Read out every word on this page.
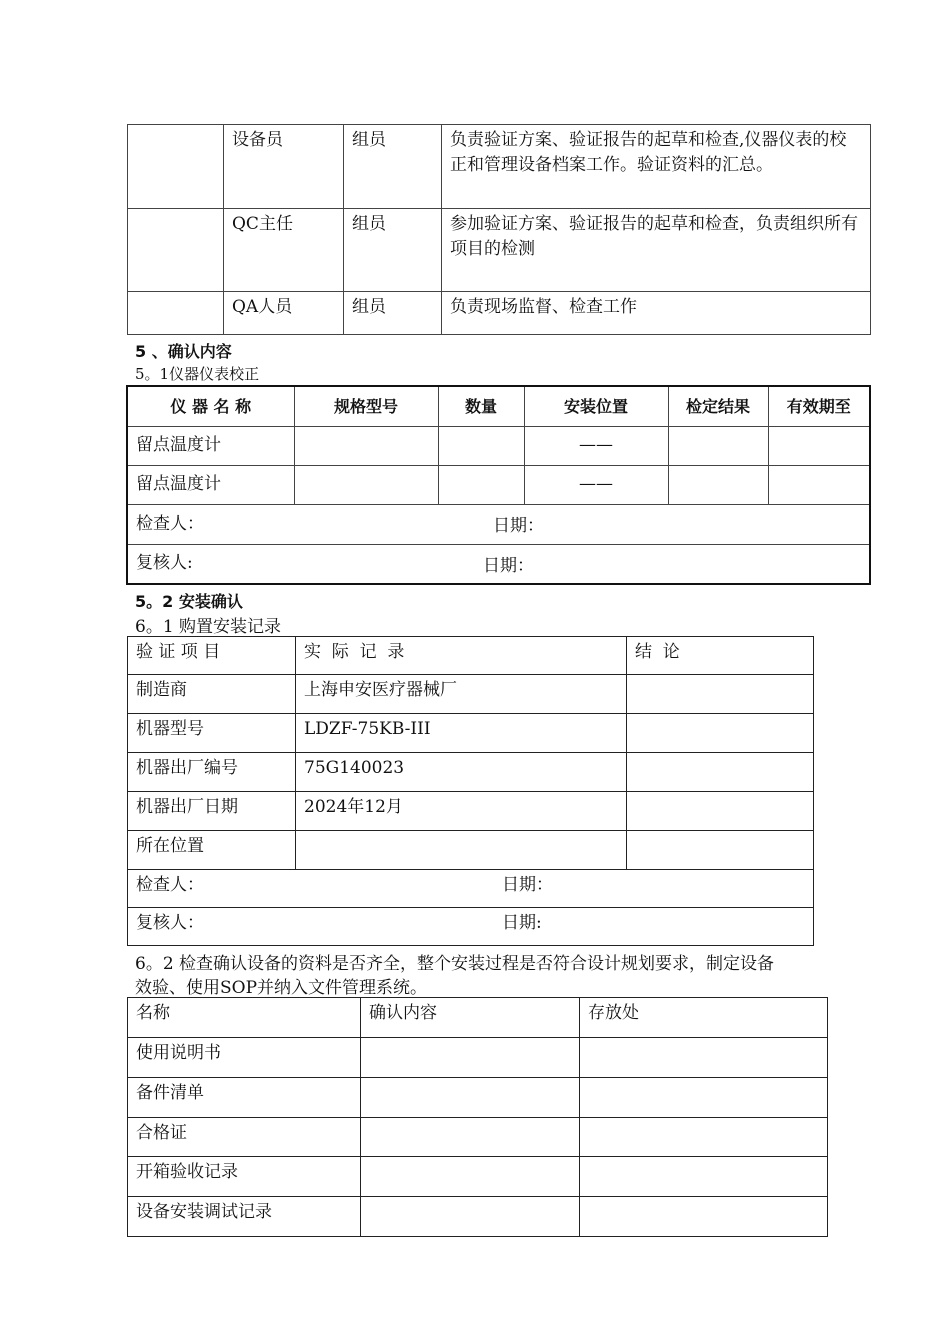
	设备员	组员	负责验证方案、验证报告的起草和检查,仪器仪表的校正和管理设备档案工作。验证资料的汇总。
	QC主任	组员	参加验证方案、验证报告的起草和检查，负责组织所有项目的检测
	QA人员	组员	负责现场监督、检查工作

5 、确认内容

5。1仪器仪表校正

仪 器 名 称	规格型号	数量	安装位置	检定结果	有效期至
留点温度计			——		
留点温度计			——		
检查人： 日期：					

复核人: 日期：					

5。2 安装确认

6。1 购置安装记录

验 证 项 目	实  际  记  录	结  论
制造商	上海申安医疗器械厂	
机器型号	LDZF-75KB-III	
机器出厂编号	75G140023	
机器出厂日期	2024年12月	
所在位置		
检查人： 日期：		

复核人： 日期:		

6。2 检查确认设备的资料是否齐全，整个安装过程是否符合设计规划要求，制定设备

效验、使用SOP并纳入文件管理系统。

名称	确认内容	存放处
使用说明书		
备件清单		
合格证		
开箱验收记录		
设备安装调试记录		
